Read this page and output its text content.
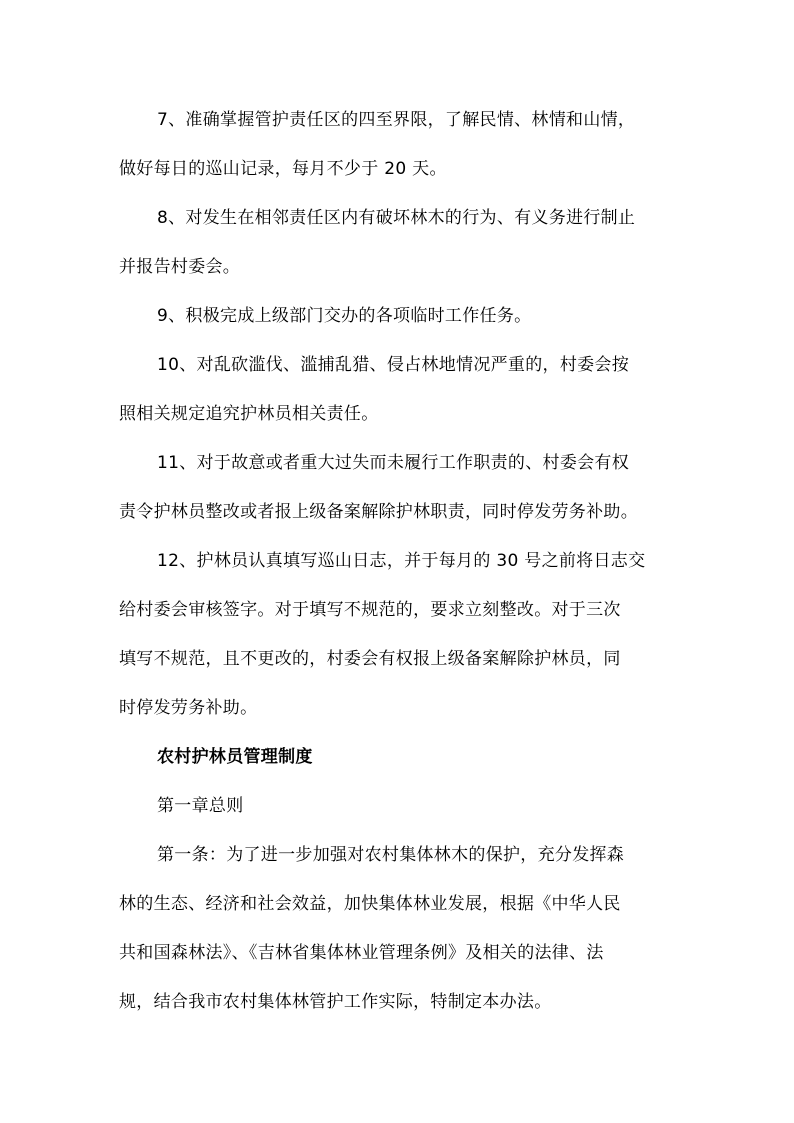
7、准确掌握管护责任区的四至界限，了解民情、林情和山情，
做好每日的巡山记录，每月不少于 20 天。
8、对发生在相邻责任区内有破坏林木的行为、有义务进行制止
并报告村委会。
9、积极完成上级部门交办的各项临时工作任务。
10、对乱砍滥伐、滥捕乱猎、侵占林地情况严重的，村委会按
照相关规定追究护林员相关责任。
11、对于故意或者重大过失而未履行工作职责的、村委会有权
责令护林员整改或者报上级备案解除护林职责，同时停发劳务补助。
12、护林员认真填写巡山日志，并于每月的 30 号之前将日志交
给村委会审核签字。对于填写不规范的，要求立刻整改。对于三次
填写不规范，且不更改的，村委会有权报上级备案解除护林员，同
时停发劳务补助。
农村护林员管理制度
第一章总则
第一条：为了进一步加强对农村集体林木的保护，充分发挥森
林的生态、经济和社会效益，加快集体林业发展，根据《中华人民
共和国森林法》、《吉林省集体林业管理条例》及相关的法律、法
规，结合我市农村集体林管护工作实际，特制定本办法。
